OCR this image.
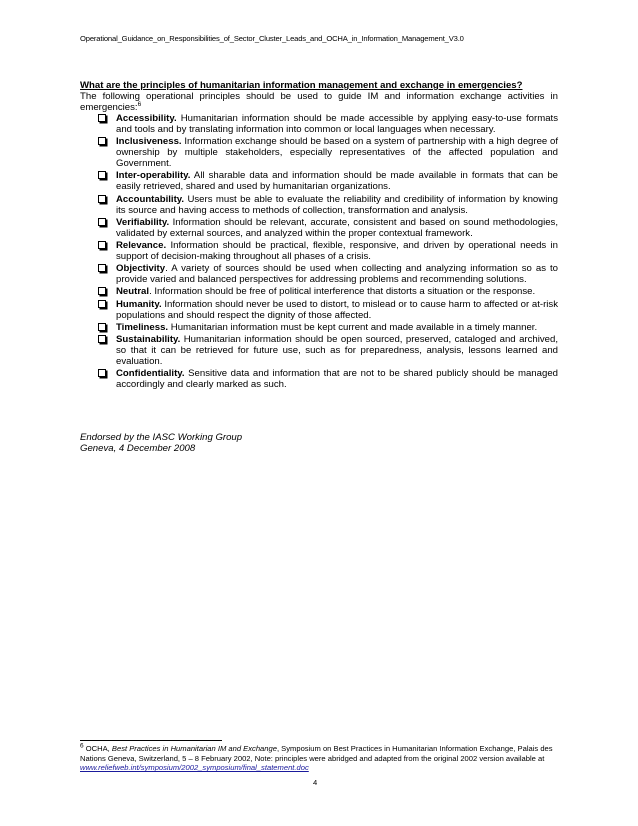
Operational_Guidance_on_Responsibilities_of_Sector_Cluster_Leads_and_OCHA_in_Information_Management_V3.0

What are the principles of humanitarian information management and exchange in emergencies?

The following operational principles should be used to guide IM and information exchange activities in emergencies:$^6$

Accessibility. Humanitarian information should be made accessible by applying easy-to-use formats and tools and by translating information into common or local languages when necessary.
Inclusiveness. Information exchange should be based on a system of partnership with a high degree of ownership by multiple stakeholders, especially representatives of the affected population and Government.
Inter-operability. All sharable data and information should be made available in formats that can be easily retrieved, shared and used by humanitarian organizations.
Accountability. Users must be able to evaluate the reliability and credibility of information by knowing its source and having access to methods of collection, transformation and analysis.
Verifiability. Information should be relevant, accurate, consistent and based on sound methodologies, validated by external sources, and analyzed within the proper contextual framework.
Relevance. Information should be practical, flexible, responsive, and driven by operational needs in support of decision-making throughout all phases of a crisis.
Objectivity. A variety of sources should be used when collecting and analyzing information so as to provide varied and balanced perspectives for addressing problems and recommending solutions.
Neutral. Information should be free of political interference that distorts a situation or the response.
Humanity. Information should never be used to distort, to mislead or to cause harm to affected or at-risk populations and should respect the dignity of those affected.
Timeliness. Humanitarian information must be kept current and made available in a timely manner.
Sustainability. Humanitarian information should be open sourced, preserved, cataloged and archived, so that it can be retrieved for future use, such as for preparedness, analysis, lessons learned and evaluation.
Confidentiality. Sensitive data and information that are not to be shared publicly should be managed accordingly and clearly marked as such.
Endorsed by the IASC Working Group
Geneva, 4 December 2008
6 OCHA, Best Practices in Humanitarian IM and Exchange, Symposium on Best Practices in Humanitarian Information Exchange, Palais des Nations Geneva, Switzerland, 5 – 8 February 2002, Note: principles were abridged and adapted from the original 2002 version available at www.reliefweb.int/symposium/2002_symposium/final_statement.doc
4
